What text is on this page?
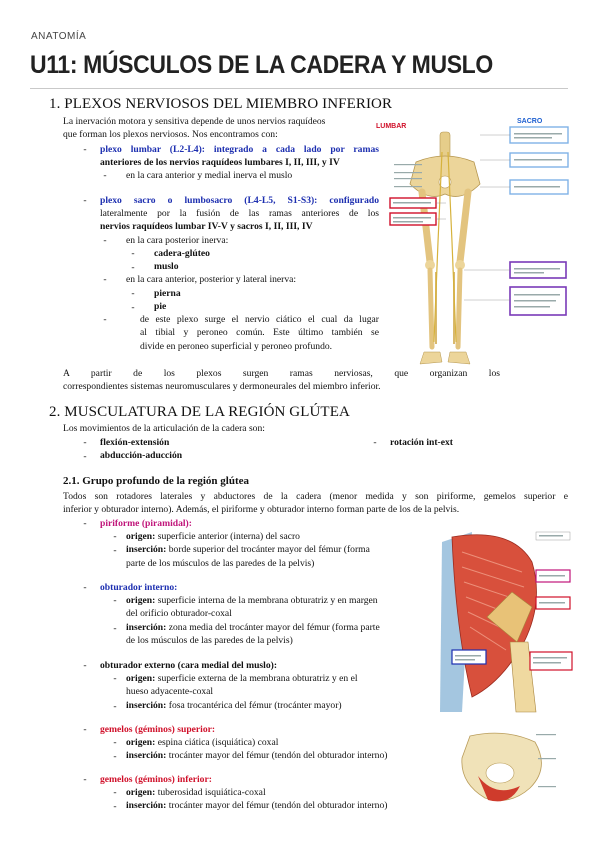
ANATOMÍA
U11: MÚSCULOS DE LA CADERA Y MUSLO
1. PLEXOS NERVIOSOS DEL MIEMBRO INFERIOR
La inervación motora y sensitiva depende de unos nervios raquídeos
que forman los plexos nerviosos. Nos encontramos con:
-	plexo lumbar (L2-L4): integrado a cada lado por ramas
anteriores de los nervios raquídeos lumbares I, II, III, y IV
-	en la cara anterior y medial inerva el muslo
-	plexo sacro o lumbosacro (L4-L5, S1-S3): configurado
lateralmente por la fusión de las ramas anteriores de los
nervios raquídeos lumbar IV-V y sacros I, II, III, IV
-	en la cara posterior inerva:
-	cadera-glúteo
-	muslo
-	en la cara anterior, posterior y lateral inerva:
-	pierna
-	pie
-	de este plexo surge el nervio ciático el cual da lugar
al tibial y peroneo común. Este último también se
divide en peroneo superficial y peroneo profundo.
A partir de los plexos surgen ramas nerviosas, que organizan los
correspondientes sistemas neuromusculares y dermoneurales del miembro inferior.
LUMBAR
SACRO
2. MUSCULATURA DE LA REGIÓN GLÚTEA
Los movimientos de la articulación de la cadera son:
-	flexión-extensión
-	abducción-aducción
-	rotación int-ext
2.1. Grupo profundo de la región glútea
Todos son rotadores laterales y abductores de la cadera (menor medida y son piriforme, gemelos superior e
inferior y obturador interno). Además, el piriforme y obturador interno forman parte de los de la pelvis.
-	piriforme (piramidal):
- origen: superficie anterior (interna) del sacro
- inserción: borde superior del trocánter mayor del fémur (forma
parte de los músculos de las paredes de la pelvis)
-	obturador interno:
- origen: superficie interna de la membrana obturatriz y en margen
del orificio obturador-coxal
- inserción: zona media del trocánter mayor del fémur (forma parte
de los músculos de las paredes de la pelvis)
-	obturador externo (cara medial del muslo):
- origen: superficie externa de la membrana obturatriz y en el
hueso adyacente-coxal
- inserción: fosa trocantérica del fémur (trocánter mayor)
-	gemelos (géminos) superior:
- origen: espina ciática (isquiática) coxal
- inserción: trocánter mayor del fémur (tendón del obturador interno)
-	gemelos (géminos) inferior:
- origen: tuberosidad isquiática-coxal
- inserción: trocánter mayor del fémur (tendón del obturador interno)
